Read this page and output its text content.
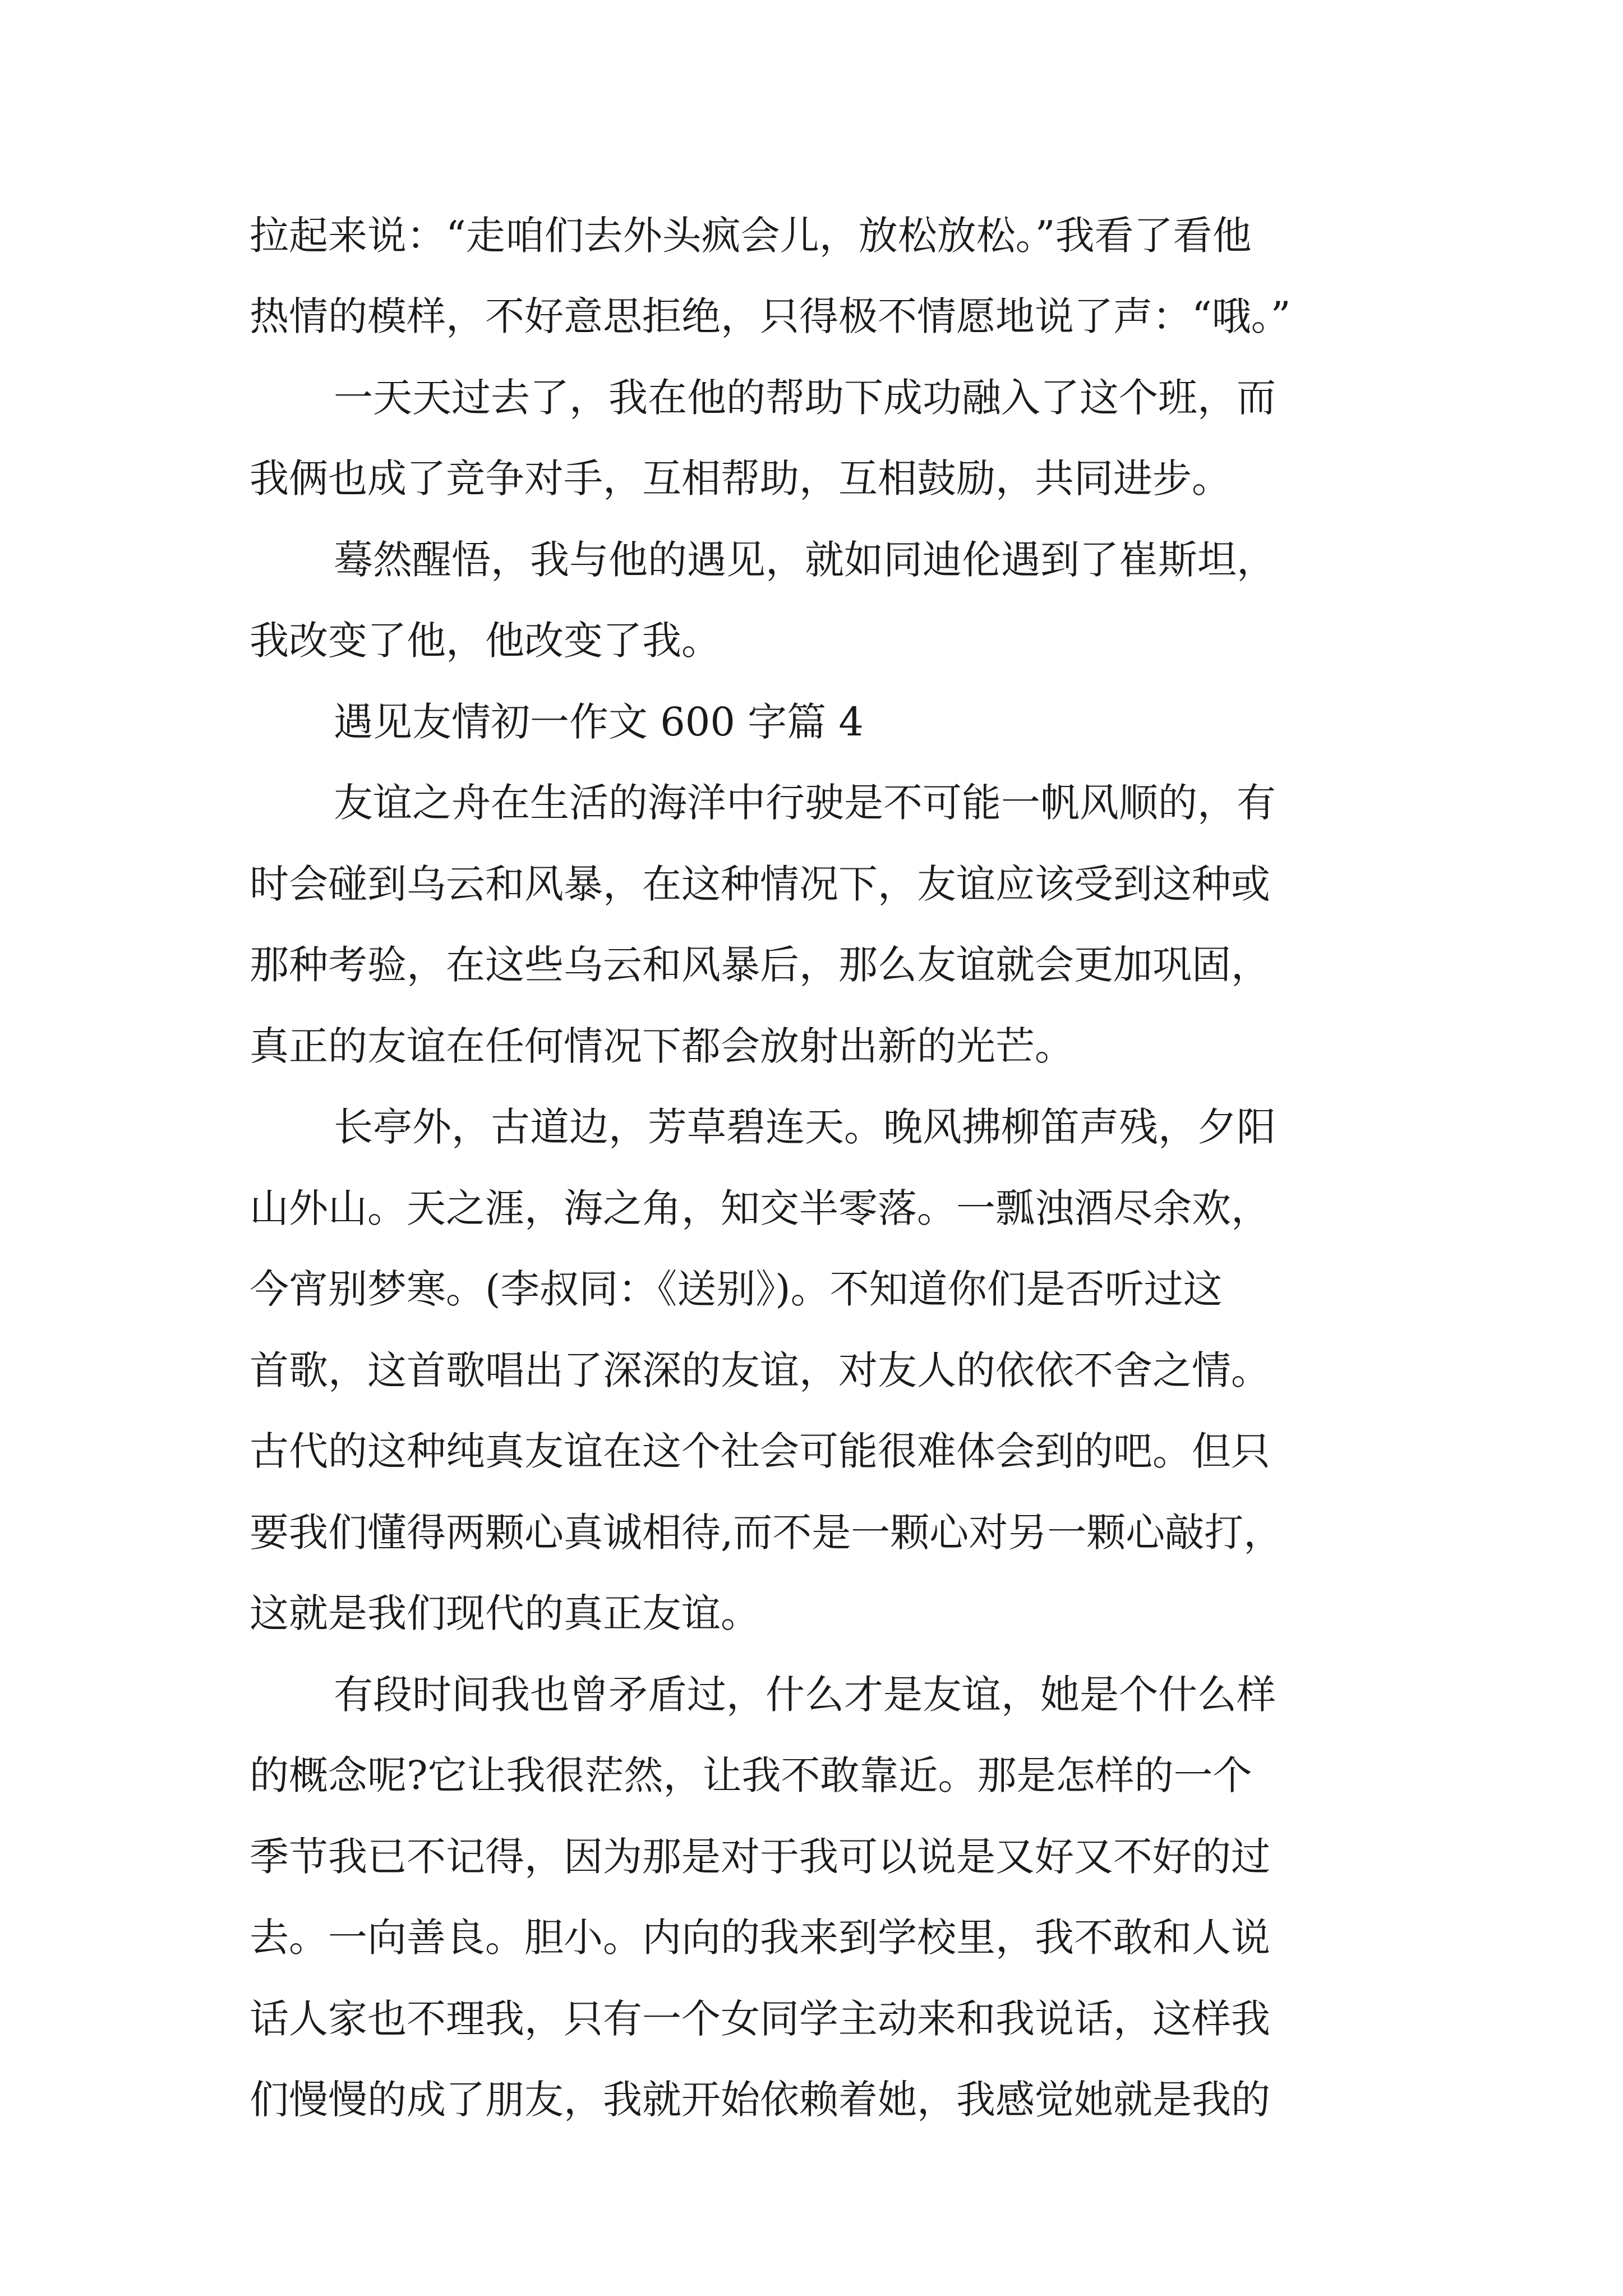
拉起来说：“走咱们去外头疯会儿，放松放松。”我看了看他
热情的模样，不好意思拒绝，只得极不情愿地说了声：“哦。”
一天天过去了，我在他的帮助下成功融入了这个班，而
我俩也成了竞争对手，互相帮助，互相鼓励，共同进步。
蓦然醒悟，我与他的遇见，就如同迪伦遇到了崔斯坦，
我改变了他，他改变了我。
遇见友情初一作文 600 字篇 4
友谊之舟在生活的海洋中行驶是不可能一帆风顺的，有
时会碰到乌云和风暴，在这种情况下，友谊应该受到这种或
那种考验，在这些乌云和风暴后，那么友谊就会更加巩固，
真正的友谊在任何情况下都会放射出新的光芒。
长亭外，古道边，芳草碧连天。晚风拂柳笛声残，夕阳
山外山。天之涯，海之角，知交半零落。一瓢浊酒尽余欢，
今宵别梦寒。(李叔同：《送别》)。不知道你们是否听过这
首歌，这首歌唱出了深深的友谊，对友人的依依不舍之情。
古代的这种纯真友谊在这个社会可能很难体会到的吧。但只
要我们懂得两颗心真诚相待,而不是一颗心对另一颗心敲打，
这就是我们现代的真正友谊。
有段时间我也曾矛盾过，什么才是友谊，她是个什么样
的概念呢?它让我很茫然，让我不敢靠近。那是怎样的一个
季节我已不记得，因为那是对于我可以说是又好又不好的过
去。一向善良。胆小。内向的我来到学校里，我不敢和人说
话人家也不理我，只有一个女同学主动来和我说话，这样我
们慢慢的成了朋友，我就开始依赖着她，我感觉她就是我的
